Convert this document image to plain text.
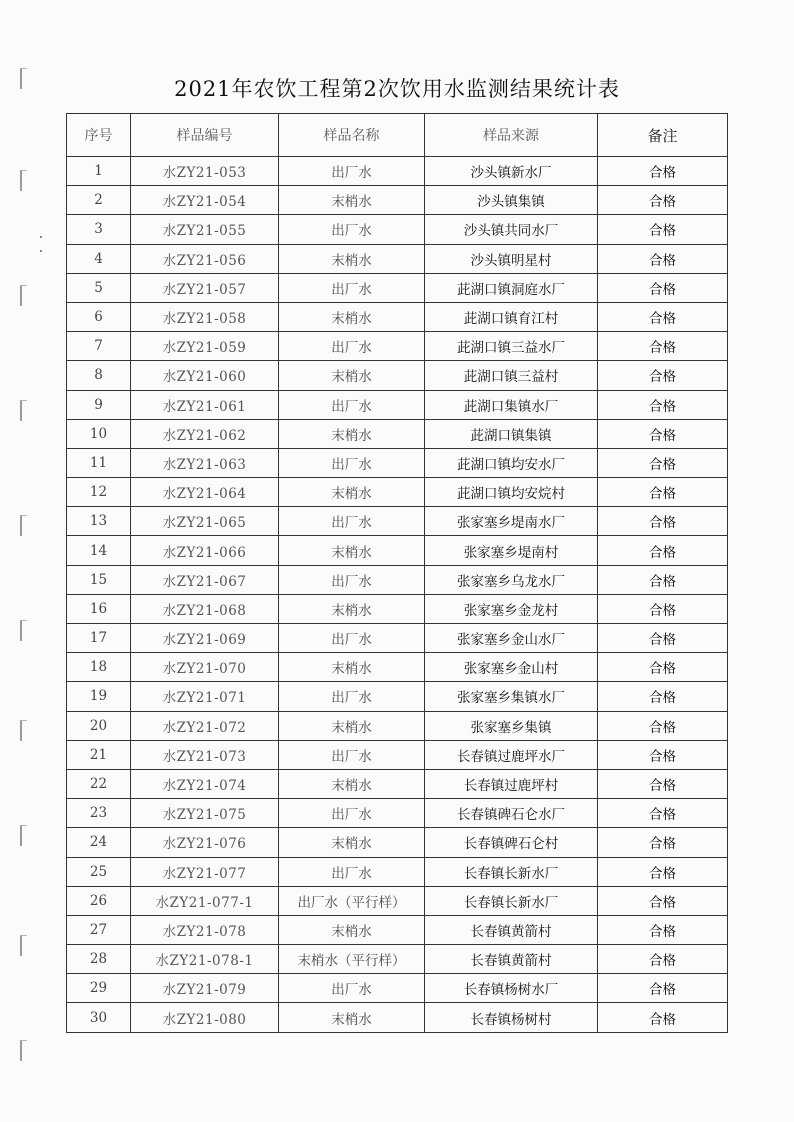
2021年农饮工程第2次饮用水监测结果统计表
序号	样品编号	样品名称	样品来源	备注
1	水ZY21-053	出厂水	沙头镇新水厂	合格
2	水ZY21-054	末梢水	沙头镇集镇	合格
3	水ZY21-055	出厂水	沙头镇共同水厂	合格
4	水ZY21-056	末梢水	沙头镇明星村	合格
5	水ZY21-057	出厂水	茈湖口镇洞庭水厂	合格
6	水ZY21-058	末梢水	茈湖口镇育江村	合格
7	水ZY21-059	出厂水	茈湖口镇三益水厂	合格
8	水ZY21-060	末梢水	茈湖口镇三益村	合格
9	水ZY21-061	出厂水	茈湖口集镇水厂	合格
10	水ZY21-062	末梢水	茈湖口镇集镇	合格
11	水ZY21-063	出厂水	茈湖口镇均安水厂	合格
12	水ZY21-064	末梢水	茈湖口镇均安烷村	合格
13	水ZY21-065	出厂水	张家塞乡堤南水厂	合格
14	水ZY21-066	末梢水	张家塞乡堤南村	合格
15	水ZY21-067	出厂水	张家塞乡乌龙水厂	合格
16	水ZY21-068	末梢水	张家塞乡金龙村	合格
17	水ZY21-069	出厂水	张家塞乡金山水厂	合格
18	水ZY21-070	末梢水	张家塞乡金山村	合格
19	水ZY21-071	出厂水	张家塞乡集镇水厂	合格
20	水ZY21-072	末梢水	张家塞乡集镇	合格
21	水ZY21-073	出厂水	长春镇过鹿坪水厂	合格
22	水ZY21-074	末梢水	长春镇过鹿坪村	合格
23	水ZY21-075	出厂水	长春镇碑石仑水厂	合格
24	水ZY21-076	末梢水	长春镇碑石仑村	合格
25	水ZY21-077	出厂水	长春镇长新水厂	合格
26	水ZY21-077-1	出厂水（平行样）	长春镇长新水厂	合格
27	水ZY21-078	末梢水	长春镇黄箭村	合格
28	水ZY21-078-1	末梢水（平行样）	长春镇黄箭村	合格
29	水ZY21-079	出厂水	长春镇杨树水厂	合格
30	水ZY21-080	末梢水	长春镇杨树村	合格
